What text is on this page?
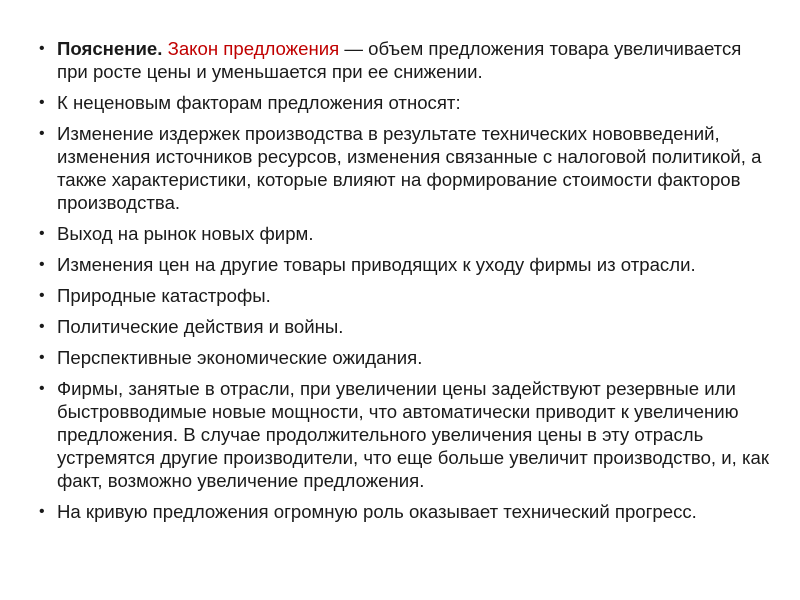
• Пояснение. Закон предложения — объем предложения товара увеличивается при росте цены и уменьшается при ее снижении.
• К неценовым факторам предложения относят:
• Изменение издержек производства в результате технических нововведений, изменения источников ресурсов, изменения связанные с налоговой политикой, а также характеристики, которые влияют на формирование стоимости факторов производства.
• Выход на рынок новых фирм.
• Изменения цен на другие товары приводящих к уходу фирмы из отрасли.
• Природные катастрофы.
• Политические действия и войны.
• Перспективные экономические ожидания.
• Фирмы, занятые в отрасли, при увеличении цены задействуют резервные или быстровводимые новые мощности, что автоматически приводит к увеличению предложения. В случае продолжительного увеличения цены в эту отрасль устремятся другие производители, что еще больше увеличит производство, и, как факт, возможно увеличение предложения.
• На кривую предложения огромную роль оказывает технический прогресс.
